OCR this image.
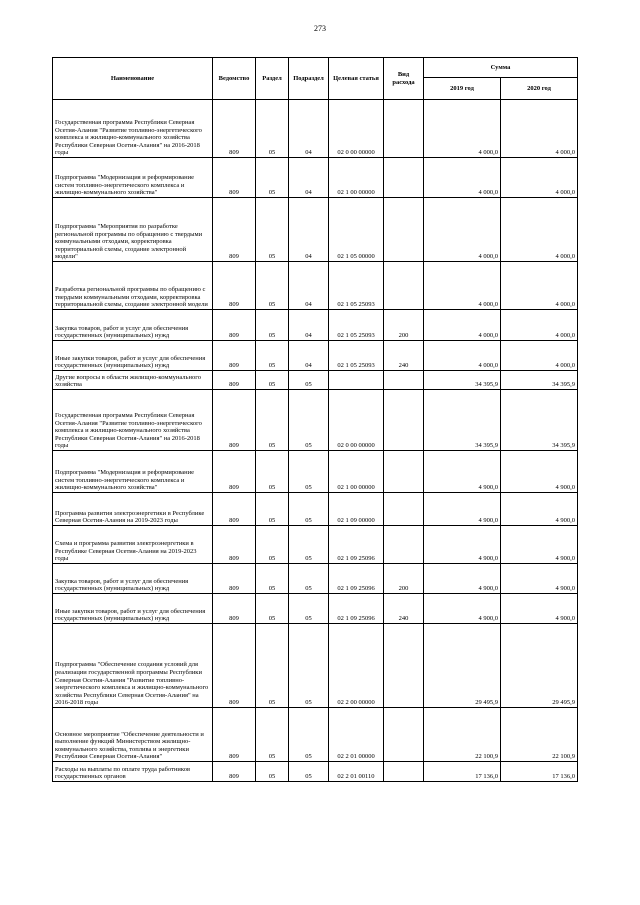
273
Наименование	Ведомство	Раздел	Подраздел	Целевая статья	Вид расхода	Сумма	
						2019 год	2020 год
Государственная программа Республики Северная Осетия-Алания "Развитие топливно-энергетического комплекса и жилищно-коммунального хозяйства Республики Северная Осетия-Алания" на 2016-2018 годы	809	05	04	02 0 00 00000		4 000,0	4 000,0
Подпрограмма "Модернизация и реформирование систем топливно-энергетического комплекса и жилищно-коммунального хозяйства"	809	05	04	02 1 00 00000		4 000,0	4 000,0
Подпрограмма "Мероприятия по разработке региональной программы по обращению с твердыми коммунальными отходами, корректировка территориальной схемы, создание электронной модели"	809	05	04	02 1 05 00000		4 000,0	4 000,0
Разработка региональной программы по обращению с твердыми коммунальными отходами, корректировка территориальной схемы, создание электронной модели	809	05	04	02 1 05 25093		4 000,0	4 000,0
Закупка товаров, работ и услуг для обеспечения государственных (муниципальных) нужд	809	05	04	02 1 05 25093	200	4 000,0	4 000,0
Иные закупки товаров, работ и услуг для обеспечения государственных (муниципальных) нужд	809	05	04	02 1 05 25093	240	4 000,0	4 000,0
Другие вопросы в области жилищно-коммунального хозяйства	809	05	05			34 395,9	34 395,9
Государственная программа Республики Северная Осетия-Алания "Развитие топливно-энергетического комплекса и жилищно-коммунального хозяйства Республики Северная Осетия-Алания" на 2016-2018 годы	809	05	05	02 0 00 00000		34 395,9	34 395,9
Подпрограмма "Модернизация и реформирование систем топливно-энергетического комплекса и жилищно-коммунального хозяйства"	809	05	05	02 1 00 00000		4 900,0	4 900,0
Программа развития электроэнергетики в Республике Северная Осетия-Алания на 2019-2023 годы	809	05	05	02 1 09 00000		4 900,0	4 900,0
Схема и программа развития электроэнергетики в Республике Северная Осетия-Алания на 2019-2023 годы	809	05	05	02 1 09 25096		4 900,0	4 900,0
Закупка товаров, работ и услуг для обеспечения государственных (муниципальных) нужд	809	05	05	02 1 09 25096	200	4 900,0	4 900,0
Иные закупки товаров, работ и услуг для обеспечения государственных (муниципальных) нужд	809	05	05	02 1 09 25096	240	4 900,0	4 900,0
Подпрограмма "Обеспечение создания условий для реализации государственной программы Республики Северная Осетия-Алания "Развитие топливно-энергетического комплекса и жилищно-коммунального хозяйства Республики Северная Осетия-Алания" на 2016-2018 годы	809	05	05	02 2 00 00000		29 495,9	29 495,9
Основное мероприятие "Обеспечение деятельности и выполнение функций Министерством жилищно-коммунального хозяйства, топлива и энергетики Республики Северная Осетия-Алания"	809	05	05	02 2 01 00000		22 100,9	22 100,9
Расходы на выплаты по оплате труда работников государственных органов	809	05	05	02 2 01 00110		17 136,0	17 136,0
